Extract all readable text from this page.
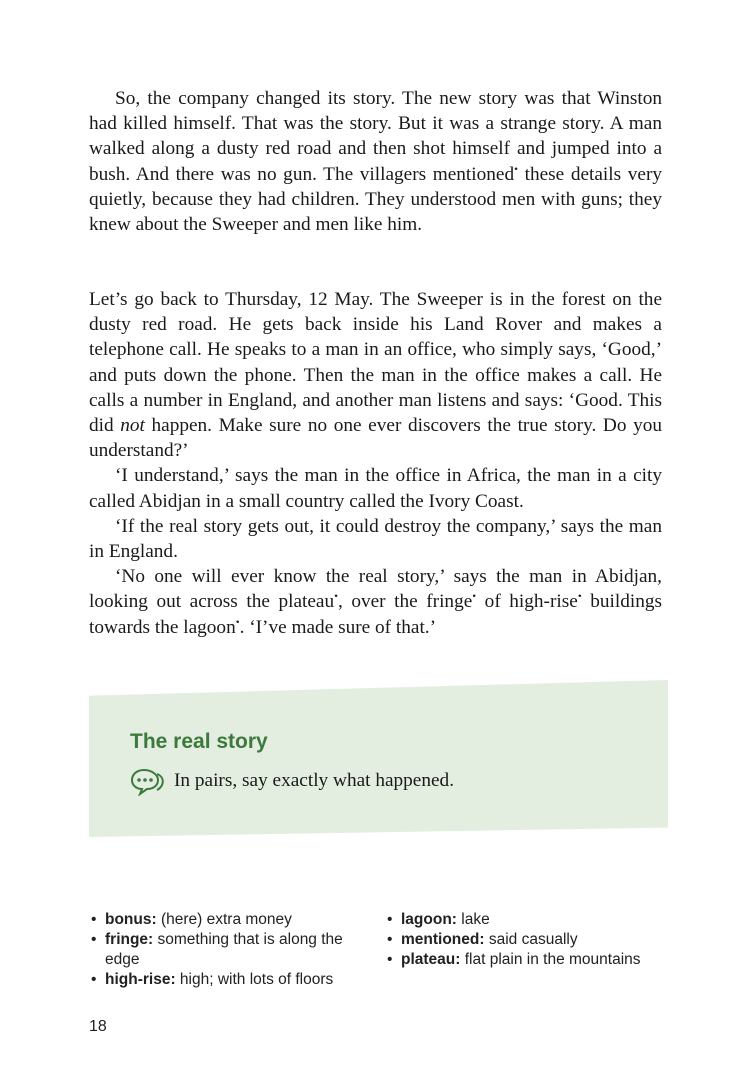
So, the company changed its story. The new story was that Winston had killed himself. That was the story. But it was a strange story. A man walked along a dusty red road and then shot himself and jumped into a bush. And there was no gun. The villagers mentioned• these details very quietly, because they had children. They understood men with guns; they knew about the Sweeper and men like him.

Let’s go back to Thursday, 12 May. The Sweeper is in the forest on the dusty red road. He gets back inside his Land Rover and makes a telephone call. He speaks to a man in an office, who simply says, ‘Good,’ and puts down the phone. Then the man in the office makes a call. He calls a number in England, and another man listens and says: ‘Good. This did not happen. Make sure no one ever discovers the true story. Do you understand?’

‘I understand,’ says the man in the office in Africa, the man in a city called Abidjan in a small country called the Ivory Coast.

‘If the real story gets out, it could destroy the company,’ says the man in England.

‘No one will ever know the real story,’ says the man in Abidjan, looking out across the plateau•, over the fringe• of high-rise• buildings towards the lagoon•. ‘I’ve made sure of that.’

The real story
In pairs, say exactly what happened.

• bonus: (here) extra money

• fringe: something that is along the edge

• high-rise: high; with lots of floors

• lagoon: lake

• mentioned: said casually

• plateau: flat plain in the mountains

18
